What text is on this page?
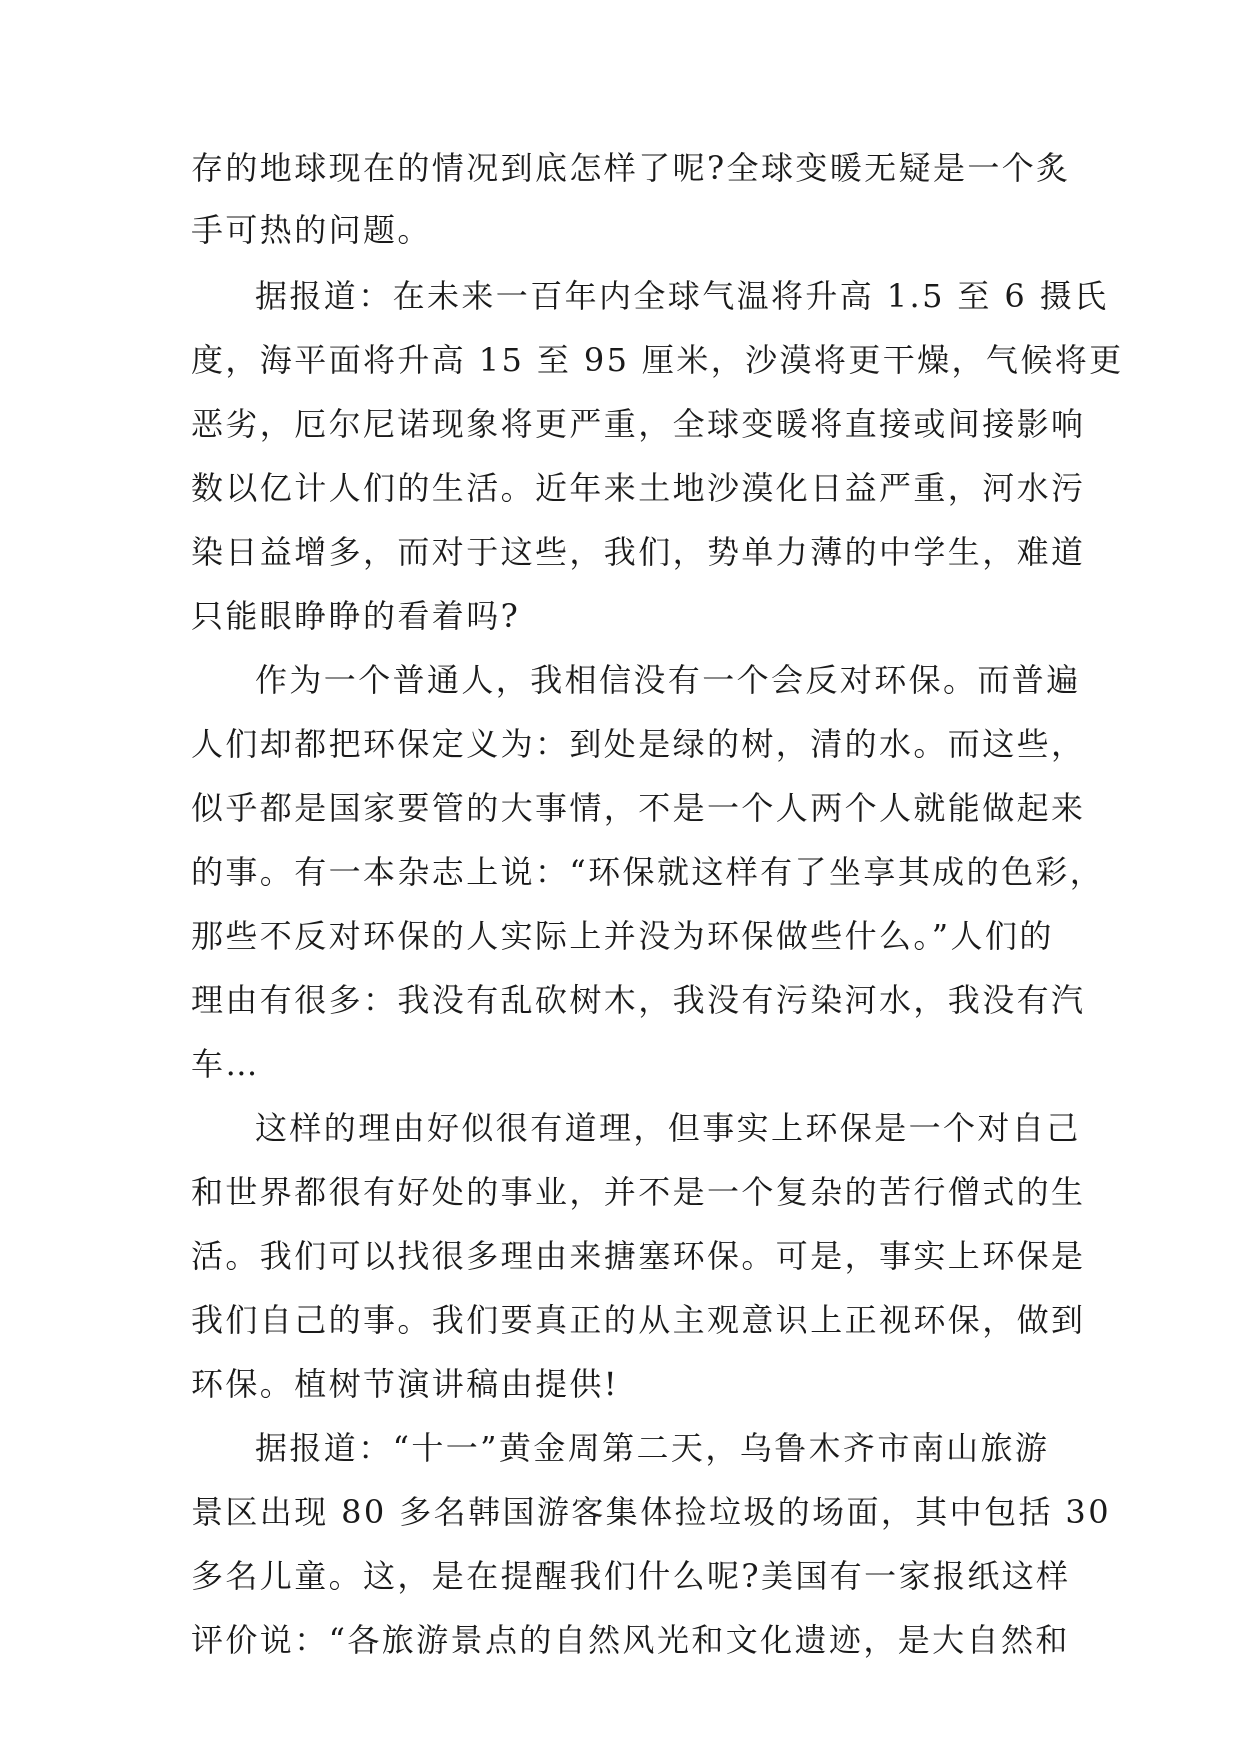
存的地球现在的情况到底怎样了呢?全球变暖无疑是一个炙
手可热的问题。
据报道：在未来一百年内全球气温将升高 1.5 至 6 摄氏
度，海平面将升高 15 至 95 厘米，沙漠将更干燥，气候将更
恶劣，厄尔尼诺现象将更严重，全球变暖将直接或间接影响
数以亿计人们的生活。近年来土地沙漠化日益严重，河水污
染日益增多，而对于这些，我们，势单力薄的中学生，难道
只能眼睁睁的看着吗?
作为一个普通人，我相信没有一个会反对环保。而普遍
人们却都把环保定义为：到处是绿的树，清的水。而这些，
似乎都是国家要管的大事情，不是一个人两个人就能做起来
的事。有一本杂志上说：“环保就这样有了坐享其成的色彩，
那些不反对环保的人实际上并没为环保做些什么。”人们的
理由有很多：我没有乱砍树木，我没有污染河水，我没有汽
车…
这样的理由好似很有道理，但事实上环保是一个对自己
和世界都很有好处的事业，并不是一个复杂的苦行僧式的生
活。我们可以找很多理由来搪塞环保。可是，事实上环保是
我们自己的事。我们要真正的从主观意识上正视环保，做到
环保。植树节演讲稿由提供!
据报道：“十一”黄金周第二天，乌鲁木齐市南山旅游
景区出现 80 多名韩国游客集体捡垃圾的场面，其中包括 30
多名儿童。这，是在提醒我们什么呢?美国有一家报纸这样
评价说：“各旅游景点的自然风光和文化遗迹，是大自然和
